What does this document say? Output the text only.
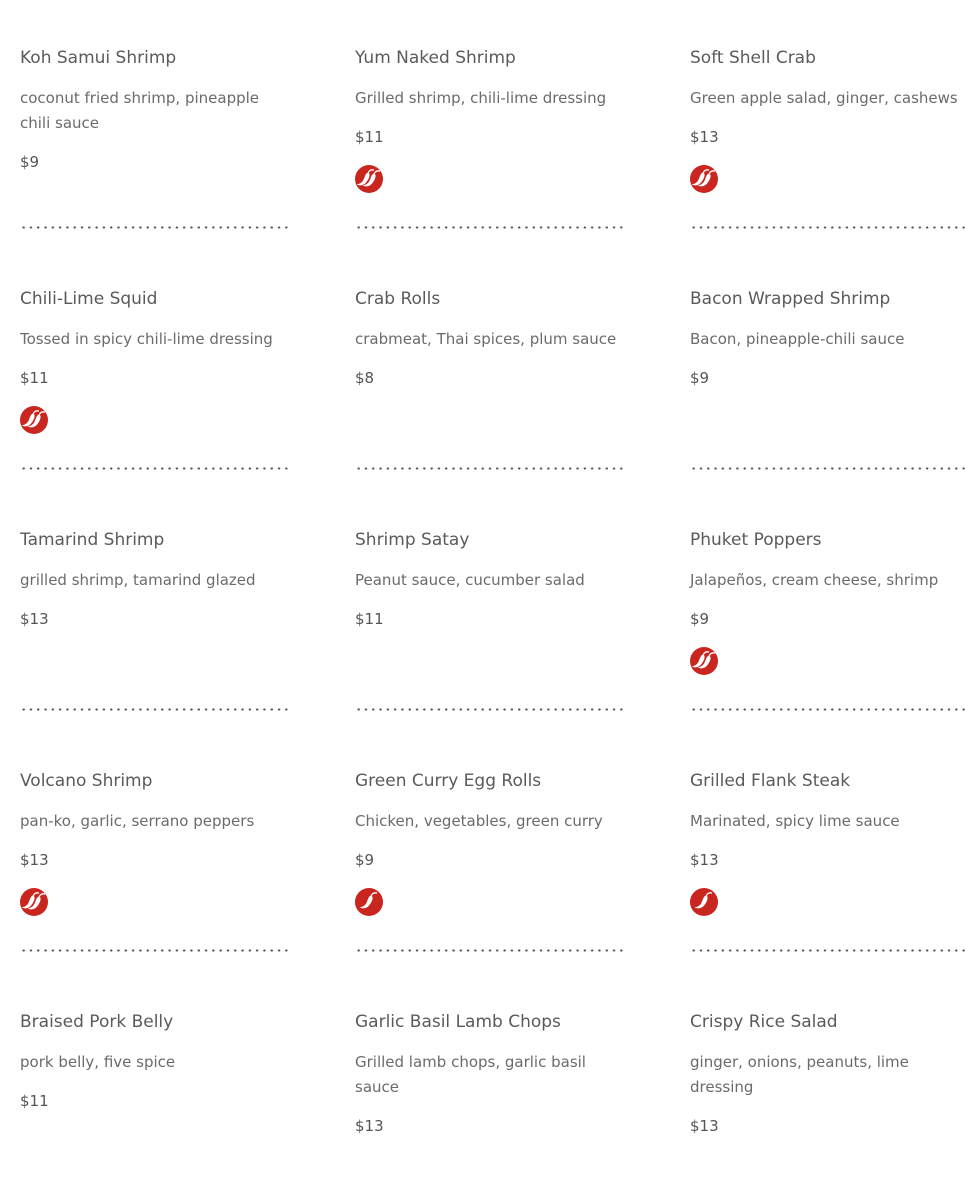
Koh Samui Shrimp
coconut fried shrimp, pineapple chili sauce
$9
Yum Naked Shrimp
Grilled shrimp, chili-lime dressing
$11
Soft Shell Crab
Green apple salad, ginger, cashews
$13
Chili-Lime Squid
Tossed in spicy chili-lime dressing
$11
Crab Rolls
crabmeat, Thai spices, plum sauce
$8
Bacon Wrapped Shrimp
Bacon, pineapple-chili sauce
$9
Tamarind Shrimp
grilled shrimp, tamarind glazed
$13
Shrimp Satay
Peanut sauce, cucumber salad
$11
Phuket Poppers
Jalapeños, cream cheese, shrimp
$9
Volcano Shrimp
pan-ko, garlic, serrano peppers
$13
Green Curry Egg Rolls
Chicken, vegetables, green curry
$9
Grilled Flank Steak
Marinated, spicy lime sauce
$13
Braised Pork Belly
pork belly, five spice
$11
Garlic Basil Lamb Chops
Grilled lamb chops, garlic basil sauce
$13
Crispy Rice Salad
ginger, onions, peanuts, lime dressing
$13
